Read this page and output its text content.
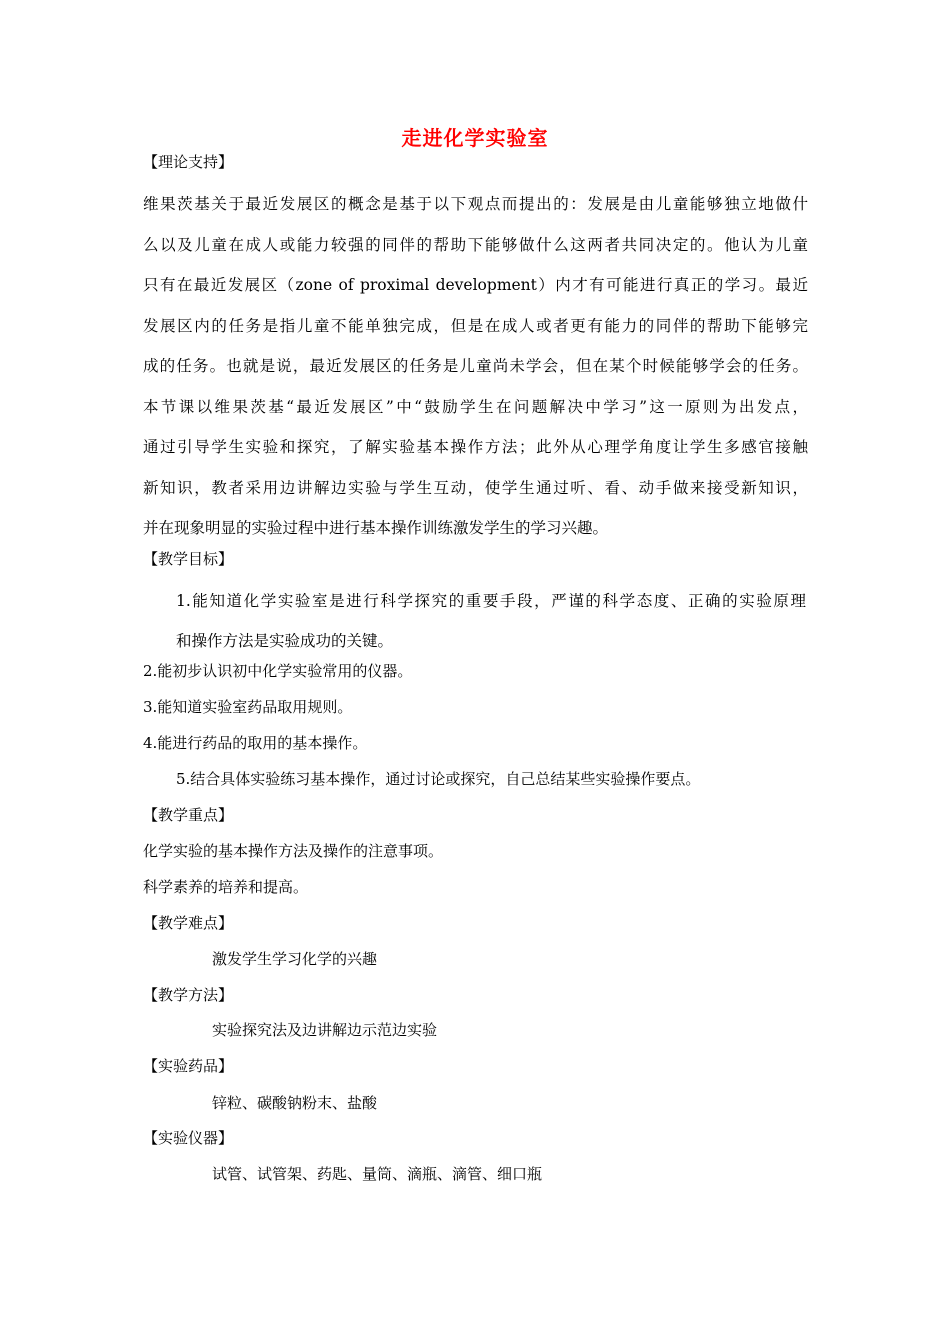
走进化学实验室
【理论支持】
维果茨基关于最近发展区的概念是基于以下观点而提出的：发展是由儿童能够独立地做什
么以及儿童在成人或能力较强的同伴的帮助下能够做什么这两者共同决定的。他认为儿童
只有在最近发展区（zone of proximal development）内才有可能进行真正的学习。最近
发展区内的任务是指儿童不能单独完成，但是在成人或者更有能力的同伴的帮助下能够完
成的任务。也就是说，最近发展区的任务是儿童尚未学会，但在某个时候能够学会的任务。
本节课以维果茨基“最近发展区”中“鼓励学生在问题解决中学习”这一原则为出发点，
通过引导学生实验和探究，了解实验基本操作方法；此外从心理学角度让学生多感官接触
新知识，教者采用边讲解边实验与学生互动，使学生通过听、看、动手做来接受新知识，
并在现象明显的实验过程中进行基本操作训练激发学生的学习兴趣。
【教学目标】
1.能知道化学实验室是进行科学探究的重要手段，严谨的科学态度、正确的实验原理
和操作方法是实验成功的关键。
2.能初步认识初中化学实验常用的仪器。
3.能知道实验室药品取用规则。
4.能进行药品的取用的基本操作。
5.结合具体实验练习基本操作，通过讨论或探究，自己总结某些实验操作要点。
【教学重点】
化学实验的基本操作方法及操作的注意事项。
科学素养的培养和提高。
【教学难点】
激发学生学习化学的兴趣
【教学方法】
实验探究法及边讲解边示范边实验
【实验药品】
锌粒、碳酸钠粉末、盐酸
【实验仪器】
试管、试管架、药匙、量筒、滴瓶、滴管、细口瓶
